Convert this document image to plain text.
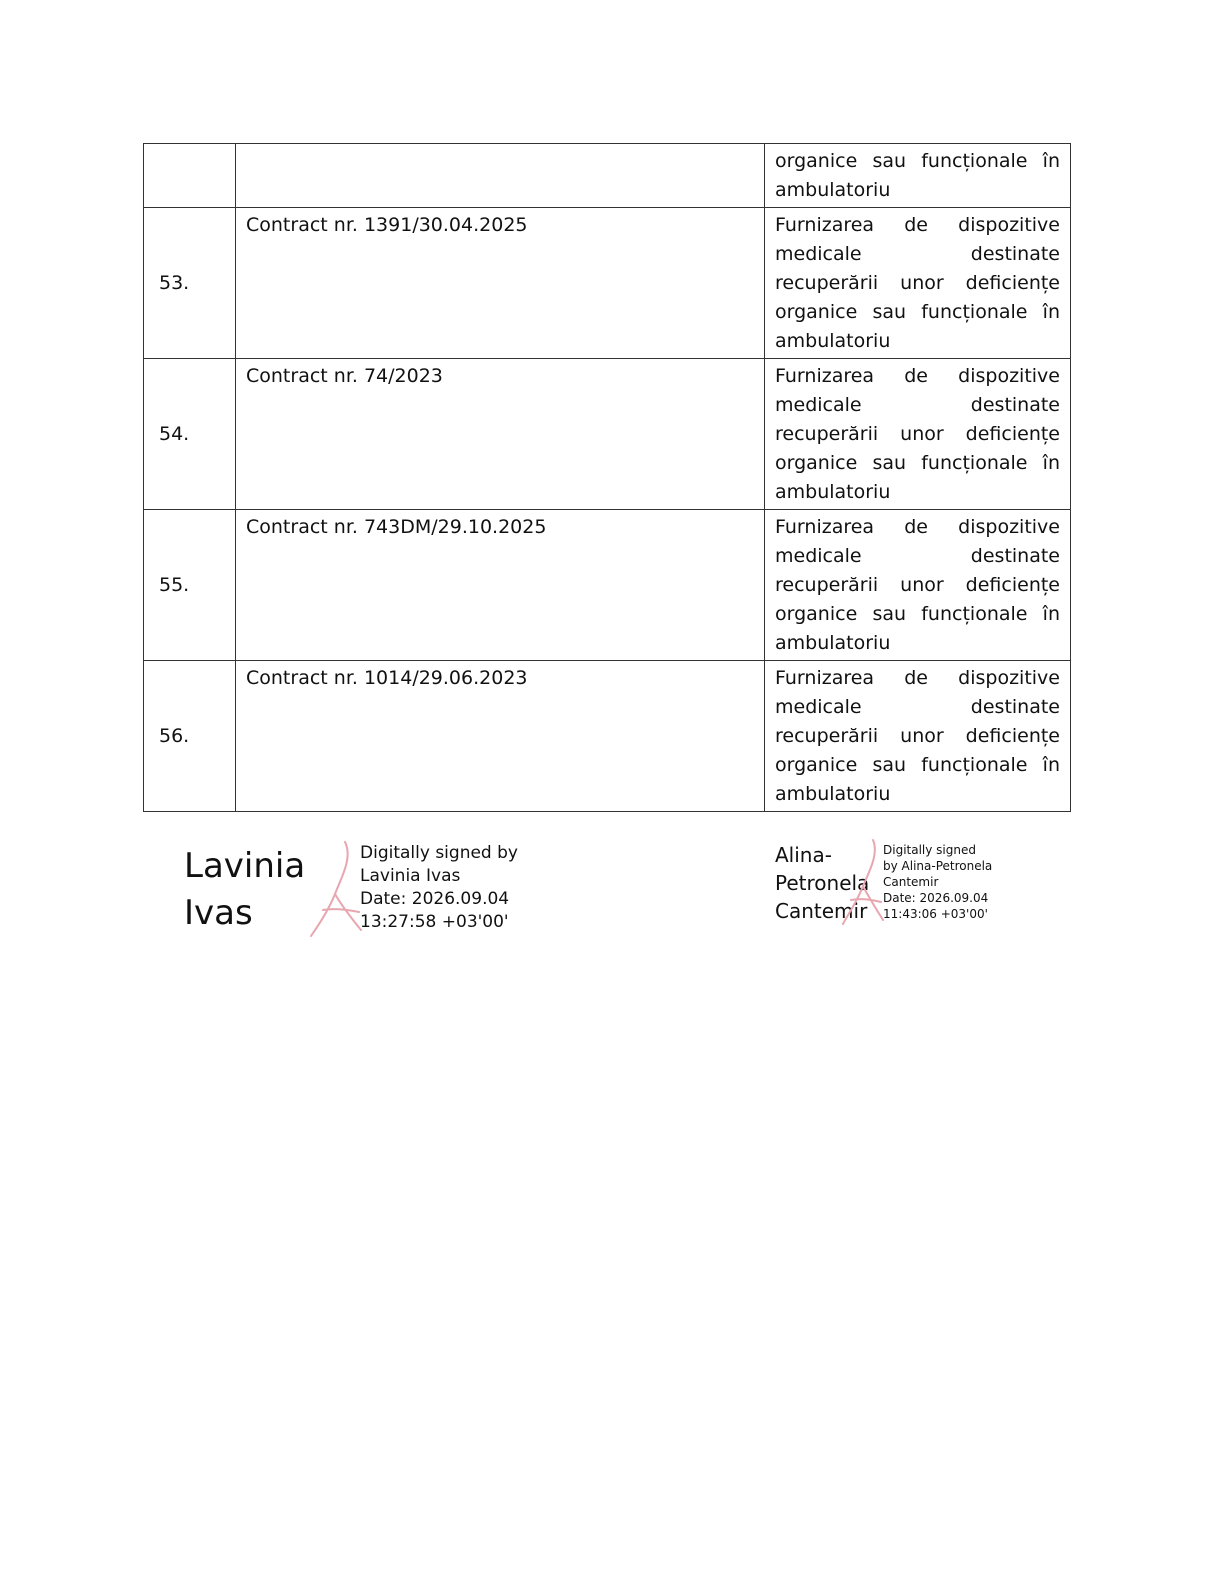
		organice sau funcționale în ambulatoriu
53.	Contract nr. 1391/30.04.2025	Furnizarea de dispozitive medicale destinate recuperării unor deficiențe organice sau funcționale în ambulatoriu
54.	Contract nr. 74/2023	Furnizarea de dispozitive medicale destinate recuperării unor deficiențe organice sau funcționale în ambulatoriu
55.	Contract nr. 743DM/29.10.2025	Furnizarea de dispozitive medicale destinate recuperării unor deficiențe organice sau funcționale în ambulatoriu
56.	Contract nr. 1014/29.06.2023	Furnizarea de dispozitive medicale destinate recuperării unor deficiențe organice sau funcționale în ambulatoriu
Lavinia
Ivas
Digitally signed by
Lavinia Ivas
Date: 2026.09.04
13:27:58 +03'00'
Alina-
Petronela
Cantemir
Digitally signed
by Alina-Petronela
Cantemir
Date: 2026.09.04
11:43:06 +03'00'
